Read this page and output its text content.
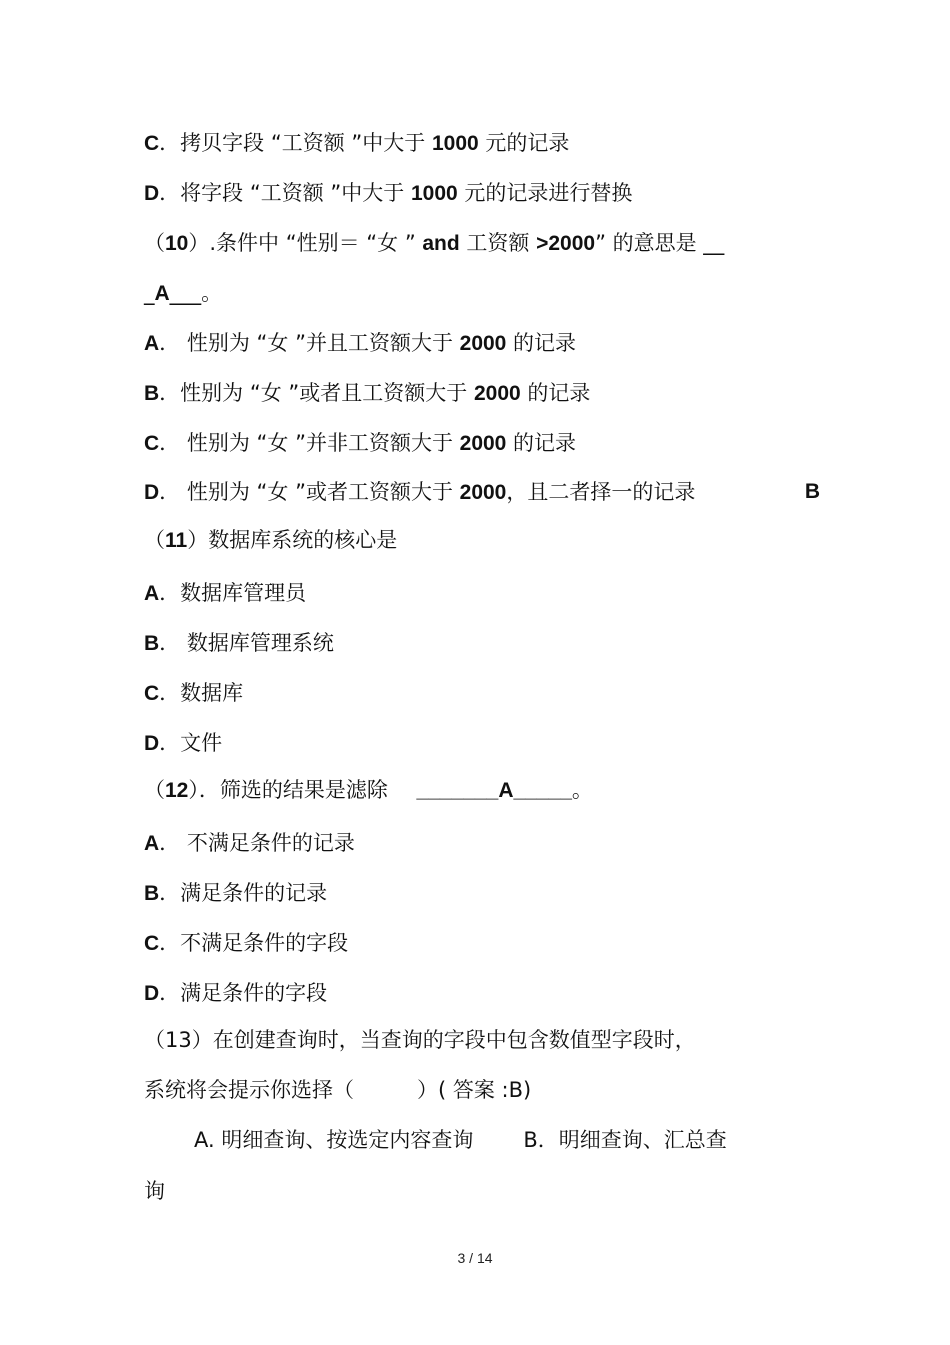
C．拷贝字段 “工资额 ”中大于 1000 元的记录
D．将字段 “工资额 ”中大于 1000 元的记录进行替换
（10）.条件中 “性别＝ “女 ” and 工资额 >2000” 的意思是 __
_A___。
A． 性别为 “女 ”并且工资额大于 2000 的记录
B．性别为 “女 ”或者且工资额大于 2000 的记录
C． 性别为 “女 ”并非工资额大于 2000 的记录
D． 性别为 “女 ”或者工资额大于 2000，且二者择一的记录	B
（11）数据库系统的核心是
A．数据库管理员
B． 数据库管理系统
C．数据库
D．文件
（12）．筛选的结果是滤除 _______A_____。
A． 不满足条件的记录
B．满足条件的记录
C．不满足条件的字段
D．满足条件的字段
（13）在创建查询时，当查询的字段中包含数值型字段时，
系统将会提示你选择（　　　）( 答案 :B)
A. 明细查询、按选定内容查询 B．明细查询、汇总查
询
3 / 14
